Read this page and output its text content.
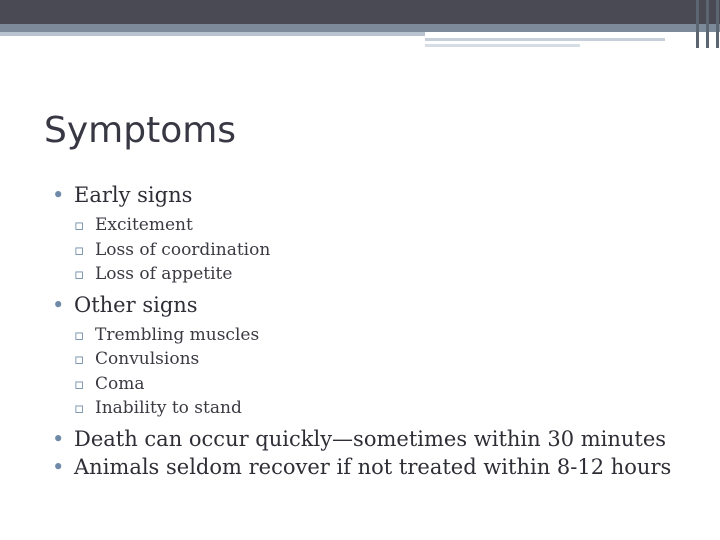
Symptoms
• Early signs
▫ Excitement
▫ Loss of coordination
▫ Loss of appetite
• Other signs
▫ Trembling muscles
▫ Convulsions
▫ Coma
▫ Inability to stand
• Death can occur quickly—sometimes within 30 minutes
• Animals seldom recover if not treated within 8-12 hours
